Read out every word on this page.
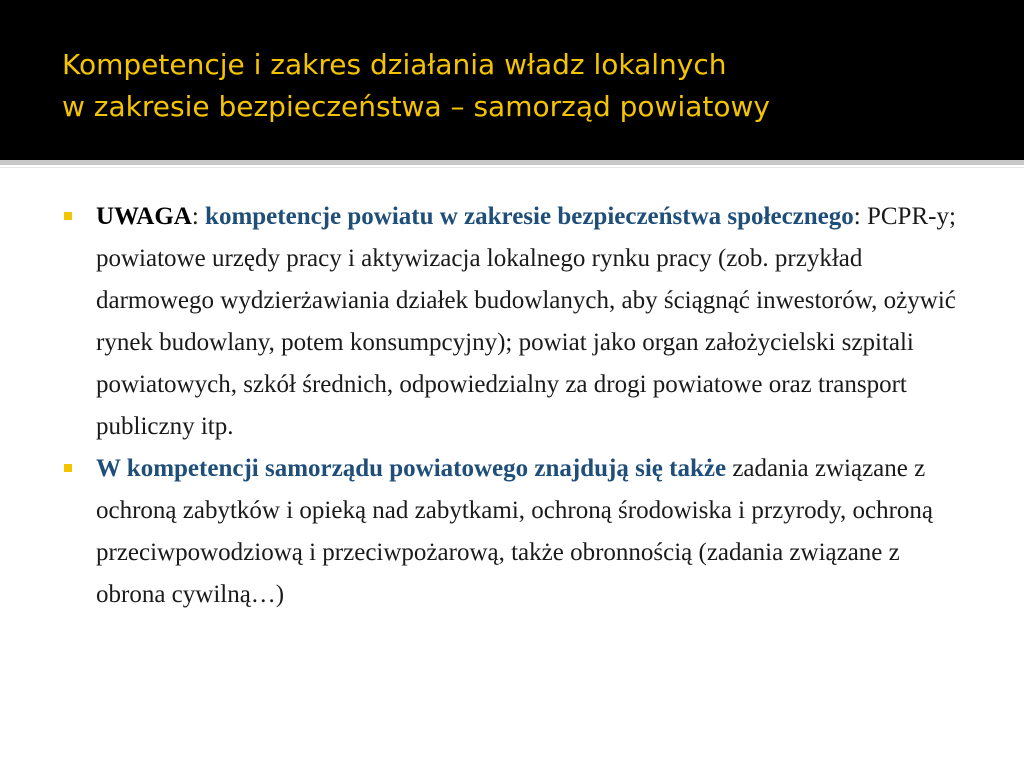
Kompetencje i zakres działania władz lokalnych
w zakresie bezpieczeństwa – samorząd powiatowy
UWAGA: kompetencje powiatu w zakresie bezpieczeństwa społecznego: PCPR-y; powiatowe urzędy pracy i aktywizacja lokalnego rynku pracy (zob. przykład darmowego wydzierżawiania działek budowlanych, aby ściągnąć inwestorów, ożywić rynek budowlany, potem konsumpcyjny); powiat jako organ założycielski szpitali powiatowych, szkół średnich, odpowiedzialny za drogi powiatowe oraz transport publiczny itp.
W kompetencji samorządu powiatowego znajdują się także zadania związane z ochroną zabytków i opieką nad zabytkami, ochroną środowiska i przyrody, ochroną przeciwpowodziową i przeciwpożarową, także obronnością (zadania związane z obrona cywilną…)
